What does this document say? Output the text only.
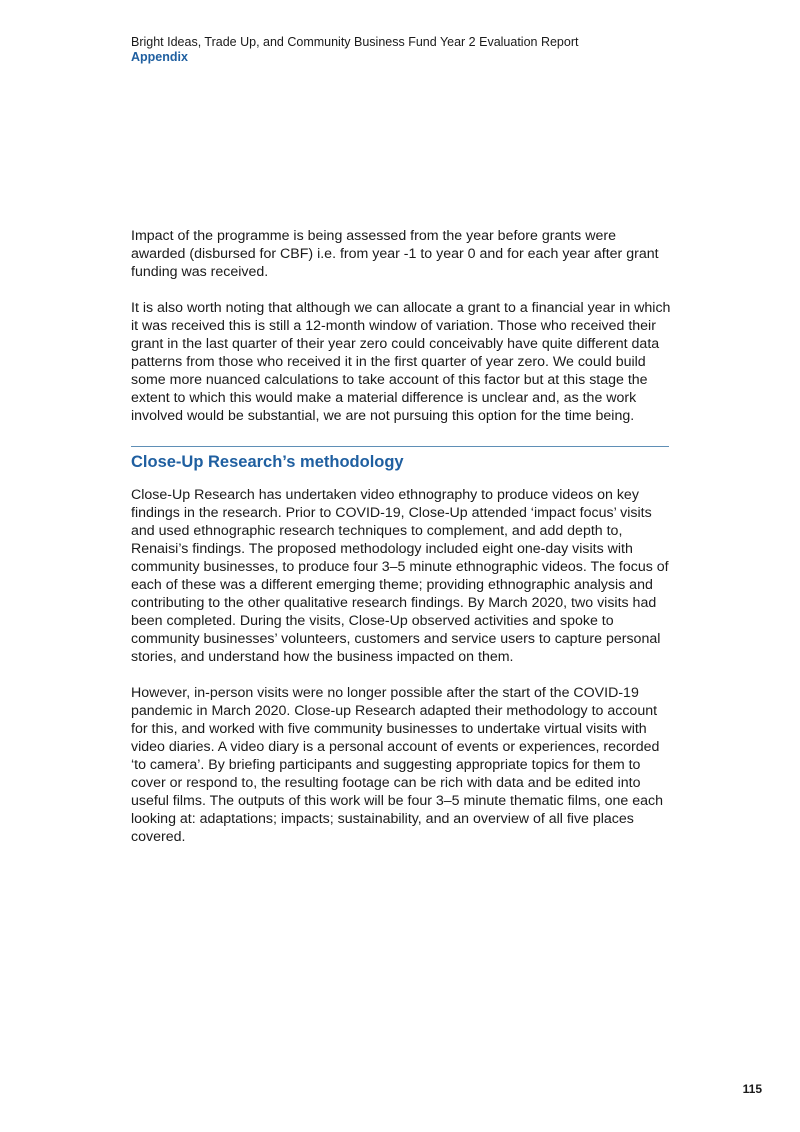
Bright Ideas, Trade Up, and Community Business Fund Year 2 Evaluation Report
Appendix

Impact of the programme is being assessed from the year before grants were awarded (disbursed for CBF) i.e. from year -1 to year 0 and for each year after grant funding was received.

It is also worth noting that although we can allocate a grant to a financial year in which it was received this is still a 12-month window of variation. Those who received their grant in the last quarter of their year zero could conceivably have quite different data patterns from those who received it in the first quarter of year zero. We could build some more nuanced calculations to take account of this factor but at this stage the extent to which this would make a material difference is unclear and, as the work involved would be substantial, we are not pursuing this option for the time being.

Close-Up Research’s methodology

Close-Up Research has undertaken video ethnography to produce videos on key findings in the research. Prior to COVID-19, Close-Up attended ‘impact focus’ visits and used ethnographic research techniques to complement, and add depth to, Renaisi’s findings. The proposed methodology included eight one-day visits with community businesses, to produce four 3–5 minute ethnographic videos. The focus of each of these was a different emerging theme; providing ethnographic analysis and contributing to the other qualitative research findings. By March 2020, two visits had been completed. During the visits, Close-Up observed activities and spoke to community businesses’ volunteers, customers and service users to capture personal stories, and understand how the business impacted on them.

However, in-person visits were no longer possible after the start of the COVID-19 pandemic in March 2020. Close-up Research adapted their methodology to account for this, and worked with five community businesses to undertake virtual visits with video diaries. A video diary is a personal account of events or experiences, recorded ‘to camera’. By briefing participants and suggesting appropriate topics for them to cover or respond to, the resulting footage can be rich with data and be edited into useful films. The outputs of this work will be four 3–5 minute thematic films, one each looking at: adaptations; impacts; sustainability, and an overview of all five places covered.

115
